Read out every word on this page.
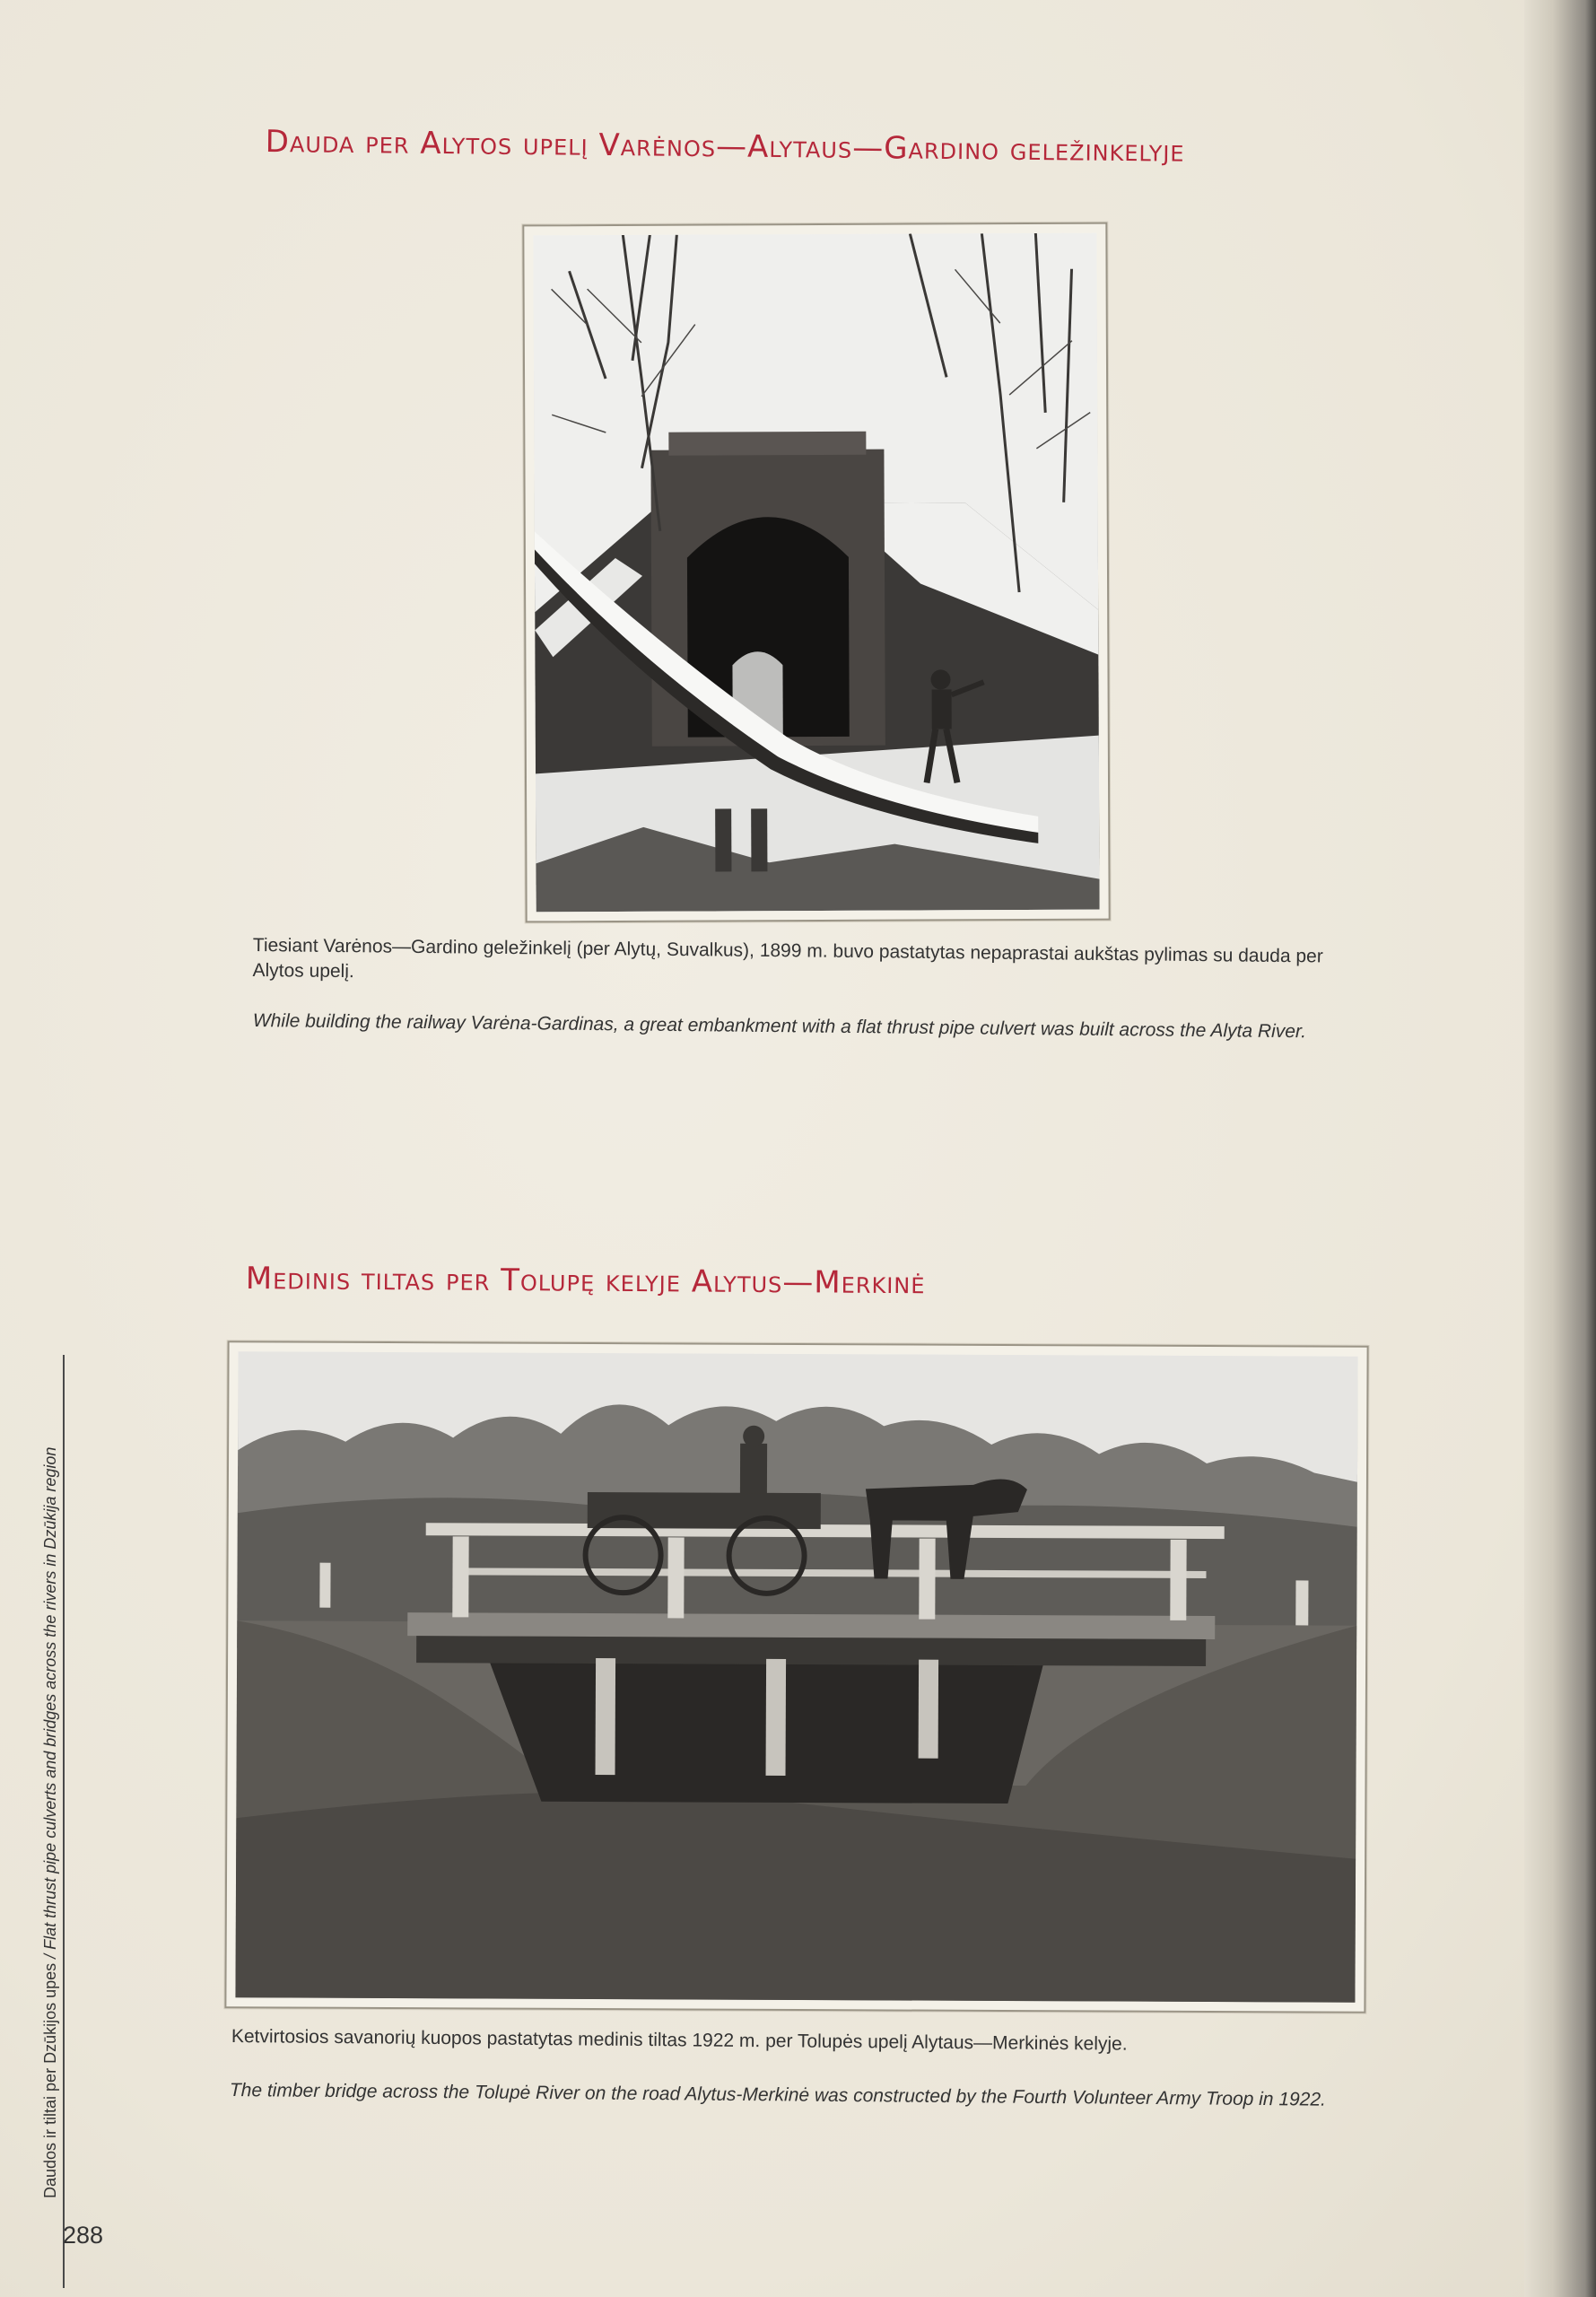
Dauda per Alytos upelį Varėnos—Alytaus—Gardino geležinkelyje
Tiesiant Varėnos—Gardino geležinkelį (per Alytų, Suvalkus), 1899 m. buvo pastatytas nepaprastai aukštas pylimas su dauda per Alytos upelį.
While building the railway Varėna-Gardinas, a great embankment with a flat thrust pipe culvert was built across the Alyta River.
Medinis tiltas per Tolupę kelyje Alytus—Merkinė
Ketvirtosios savanorių kuopos pastatytas medinis tiltas 1922 m. per Tolupės upelį Alytaus—Merkinės kelyje.
The timber bridge across the Tolupė River on the road Alytus-Merkinė was constructed by the Fourth Volunteer Army Troop in 1922.
Daudos ir tiltai per Dzūkijos upes / Flat thrust pipe culverts and bridges across the rivers in Dzūkija region
288
